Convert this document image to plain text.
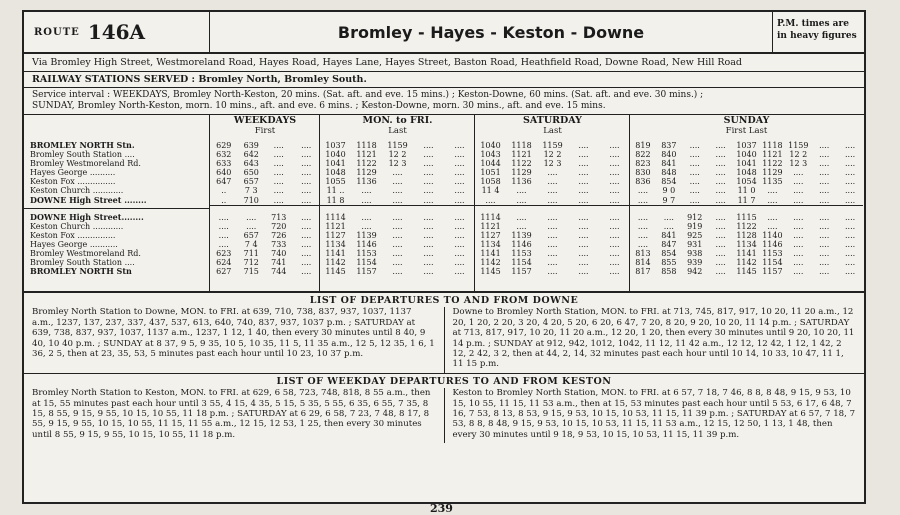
ROUTE 146A	Bromley - Hayes - Keston - Downe	P.M. times are
in heavy figures
Via Bromley High Street, Westmoreland Road, Hayes Road, Hayes Lane, Hayes Street, Baston Road, Heathfield Road, Downe Road, New Hill Road
RAILWAY STATIONS SERVED : Bromley North, Bromley South.
Service interval : WEEKDAYS, Bromley North-Keston, 20 mins. (Sat. aft. and eve. 15 mins.) ; Keston-Downe, 60 mins. (Sat. aft. and eve. 30 mins.) ;
SUNDAY, Bromley North-Keston, morn. 10 mins., aft. and eve. 6 mins. ; Keston-Downe, morn. 30 mins., aft. and eve. 15 mins.
BROMLEY NORTH Stn.
Bromley South Station ....
Bromley Westmoreland Rd.
Hayes George ..........
Keston Fox ...............
Keston Church ............
DOWNE High Street ........
DOWNE High Street........
Keston Church ............
Keston Fox ...............
Hayes George ...........
Bromley Westmoreland Rd.
Bromley South Station ....
BROMLEY NORTH Stn
WEEKDAYS
First
629
632
633
640
647
..
..
639
642
643
650
657
7 3
710
....
....
....
....
....
....
....
....
....
....
....
....
....
....
....
....
....
....
623
624
627
....
....
657
7 4
711
712
715
713
720
726
733
740
741
744
....
....
....
....
....
....
....
MON. to FRI.
Last
1037
1040
1041
1048
1055
11 ..
11 8
1118
1121
1122
1129
1136
....
....
1159
12 2
12 3
....
....
....
....
....
....
....
....
....
....
....
....
....
....
....
....
....
....
1114
1121
1127
1134
1141
1142
1145
....
....
1139
1146
1153
1154
1157
....
....
....
....
....
....
....
....
....
....
....
....
....
....
....
....
....
....
....
....
....
SATURDAY
Last
1040
1043
1044
1051
1058
11 4
....
1118
1121
1122
1129
1136
....
....
1159
12 2
12 3
....
....
....
....
....
....
....
....
....
....
....
....
....
....
....
....
....
....
1114
1121
1127
1134
1141
1142
1145
....
....
1139
1146
1153
1154
1157
....
....
....
....
....
....
....
....
....
....
....
....
....
....
....
....
....
....
....
....
....
SUNDAY
First Last
819
822
823
830
836
....
....
837
840
841
848
854
9 0
9 7
....
....
....
....
....
....
....
....
....
....
....
....
....
....
1037
1040
1041
1048
1054
11 0
11 7
1118
1121
1122
1129
1135
....
....
1159
12 2
12 3
....
....
....
....
....
....
....
....
....
....
....
....
....
....
....
....
....
....
....
....
....
....
813
814
817
....
....
841
847
854
855
858
912
919
925
931
938
939
942
....
....
....
....
....
....
....
1115
1122
1128
1134
1141
1142
1145
....
....
1140
1146
1153
1154
1157
....
....
....
....
....
....
....
....
....
....
....
....
....
....
....
....
....
....
....
....
....
LIST OF DEPARTURES TO AND FROM DOWNE
Bromley North Station to Downe, MON. to FRI. at 639, 710, 738, 837, 937, 1037, 1137 a.m., 1237, 137, 237, 337, 437, 537, 613, 640, 740, 837, 937, 1037 p.m. ; SATURDAY at 639, 738, 837, 937, 1037, 1137 a.m., 1237, 1 12, 1 40, then every 30 minutes until 8 40, 9 40, 10 40 p.m. ; SUNDAY at 8 37, 9 5, 9 35, 10 5, 10 35, 11 5, 11 35 a.m., 12 5, 12 35, 1 6, 1 36, 2 5, then at 23, 35, 53, 5 minutes past each hour until 10 23, 10 37 p.m.
Downe to Bromley North Station, MON. to FRI. at 713, 745, 817, 917, 10 20, 11 20 a.m., 12 20, 1 20, 2 20, 3 20, 4 20, 5 20, 6 20, 6 47, 7 20, 8 20, 9 20, 10 20, 11 14 p.m. ; SATURDAY at 713, 817, 917, 10 20, 11 20 a.m., 12 20, 1 20, then every 30 minutes until 9 20, 10 20, 11 14 p.m. ; SUNDAY at 912, 942, 1012, 1042, 11 12, 11 42 a.m., 12 12, 12 42, 1 12, 1 42, 2 12, 2 42, 3 2, then at 44, 2, 14, 32 minutes past each hour until 10 14, 10 33, 10 47, 11 1, 11 15 p.m.
LIST OF WEEKDAY DEPARTURES TO AND FROM KESTON
Bromley North Station to Keston, MON. to FRI. at 629, 6 58, 723, 748, 818, 8 55 a.m., then at 15, 55 minutes past each hour until 3 55, 4 15, 4 35, 5 15, 5 35, 5 55, 6 35, 6 55, 7 35, 8 15, 8 55, 9 15, 9 55, 10 15, 10 55, 11 18 p.m. ; SATURDAY at 6 29, 6 58, 7 23, 7 48, 8 17, 8 55, 9 15, 9 55, 10 15, 10 55, 11 15, 11 55 a.m., 12 15, 12 53, 1 25, then every 30 minutes until 8 55, 9 15, 9 55, 10 15, 10 55, 11 18 p.m.
Keston to Bromley North Station, MON. to FRI. at 6 57, 7 18, 7 46, 8 8, 8 48, 9 15, 9 53, 10 15, 10 55, 11 15, 11 53 a.m., then at 15, 53 minutes past each hour until 5 53, 6 17, 6 48, 7 16, 7 53, 8 13, 8 53, 9 15, 9 53, 10 15, 10 53, 11 15, 11 39 p.m. ; SATURDAY at 6 57, 7 18, 7 53, 8 8, 8 48, 9 15, 9 53, 10 15, 10 53, 11 15, 11 53 a.m., 12 15, 12 50, 1 13, 1 48, then every 30 minutes until 9 18, 9 53, 10 15, 10 53, 11 15, 11 39 p.m.
239
